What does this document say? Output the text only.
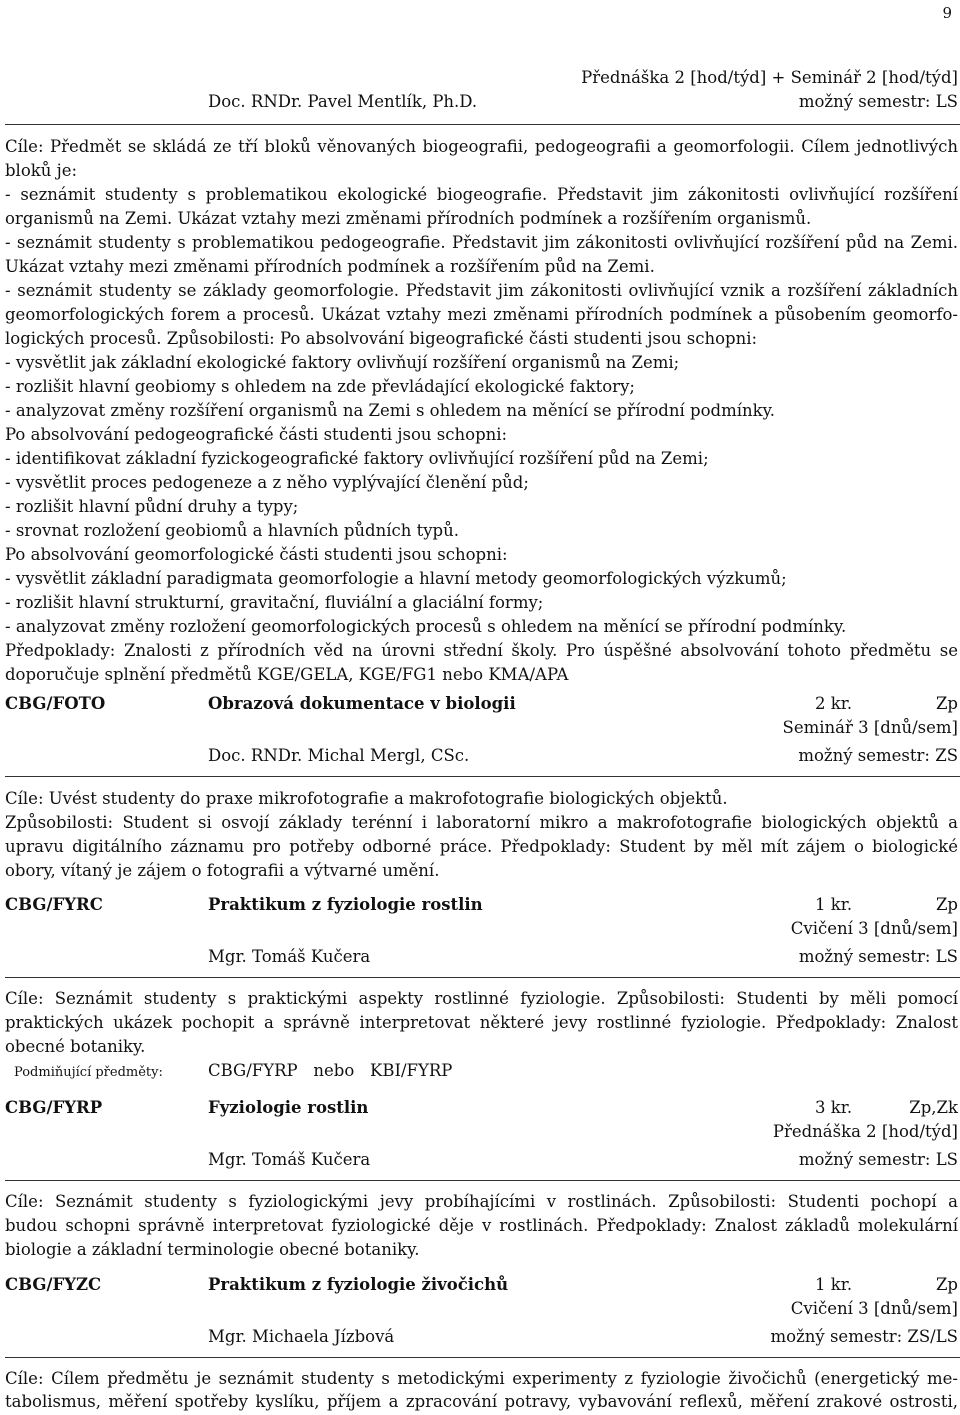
9
Přednáška 2 [hod/týd] + Seminář 2 [hod/týd]
Doc. RNDr. Pavel Mentlík, Ph.D.	možný semestr: LS
Cíle: Předmět se skládá ze tří bloků věnovaných biogeografii, pedogeografii a geomorfologii. Cílem jednotlivých
bloků je:
- seznámit studenty s problematikou ekologické biogeografie. Představit jim zákonitosti ovlivňující rozšíření
organismů na Zemi. Ukázat vztahy mezi změnami přírodních podmínek a rozšířením organismů.
- seznámit studenty s problematikou pedogeografie. Představit jim zákonitosti ovlivňující rozšíření půd na Zemi.
Ukázat vztahy mezi změnami přírodních podmínek a rozšířením půd na Zemi.
- seznámit studenty se základy geomorfologie. Představit jim zákonitosti ovlivňující vznik a rozšíření základních
geomorfologických forem a procesů. Ukázat vztahy mezi změnami přírodních podmínek a působením geomorfo-
logických procesů. Způsobilosti: Po absolvování bigeografické části studenti jsou schopni:
- vysvětlit jak základní ekologické faktory ovlivňují rozšíření organismů na Zemi;
- rozlišit hlavní geobiomy s ohledem na zde převládající ekologické faktory;
- analyzovat změny rozšíření organismů na Zemi s ohledem na měnící se přírodní podmínky.
Po absolvování pedogeografické části studenti jsou schopni:
- identifikovat základní fyzickogeografické faktory ovlivňující rozšíření půd na Zemi;
- vysvětlit proces pedogeneze a z něho vyplývající členění půd;
- rozlišit hlavní půdní druhy a typy;
- srovnat rozložení geobiomů a hlavních půdních typů.
Po absolvování geomorfologické části studenti jsou schopni:
- vysvětlit základní paradigmata geomorfologie a hlavní metody geomorfologických výzkumů;
- rozlišit hlavní strukturní, gravitační, fluviální a glaciální formy;
- analyzovat změny rozložení geomorfologických procesů s ohledem na měnící se přírodní podmínky.
Předpoklady: Znalosti z přírodních věd na úrovni střední školy. Pro úspěšné absolvování tohoto předmětu se
doporučuje splnění předmětů KGE/GELA, KGE/FG1 nebo KMA/APA
CBG/FOTO	Obrazová dokumentace v biologii	2 kr.	Zp
Seminář 3 [dnů/sem]
Doc. RNDr. Michal Mergl, CSc.	možný semestr: ZS
Cíle: Uvést studenty do praxe mikrofotografie a makrofotografie biologických objektů.
Způsobilosti: Student si osvojí základy terénní i laboratorní mikro a makrofotografie biologických objektů a
upravu digitálního záznamu pro potřeby odborné práce. Předpoklady: Student by měl mít zájem o biologické
obory, vítaný je zájem o fotografii a výtvarné umění.
CBG/FYRC	Praktikum z fyziologie rostlin	1 kr.	Zp
Cvičení 3 [dnů/sem]
Mgr. Tomáš Kučera	možný semestr: LS
Cíle: Seznámit studenty s praktickými aspekty rostlinné fyziologie. Způsobilosti: Studenti by měli pomocí
praktických ukázek pochopit a správně interpretovat některé jevy rostlinné fyziologie. Předpoklady: Znalost
obecné botaniky.
Podmiňující předměty:	CBG/FYRP   nebo   KBI/FYRP
CBG/FYRP	Fyziologie rostlin	3 kr.	Zp,Zk
Přednáška 2 [hod/týd]
Mgr. Tomáš Kučera	možný semestr: LS
Cíle: Seznámit studenty s fyziologickými jevy probíhajícími v rostlinách. Způsobilosti: Studenti pochopí a
budou schopni správně interpretovat fyziologické děje v rostlinách. Předpoklady: Znalost základů molekulární
biologie a základní terminologie obecné botaniky.
CBG/FYZC	Praktikum z fyziologie živočichů	1 kr.	Zp
Cvičení 3 [dnů/sem]
Mgr. Michaela Jízbová	možný semestr: ZS/LS
Cíle: Cílem předmětu je seznámit studenty s metodickými experimenty z fyziologie živočichů (energetický me-
tabolismus, měření spotřeby kyslíku, příjem a zpracování potravy, vybavování reflexů, měření zrakové ostrosti,
